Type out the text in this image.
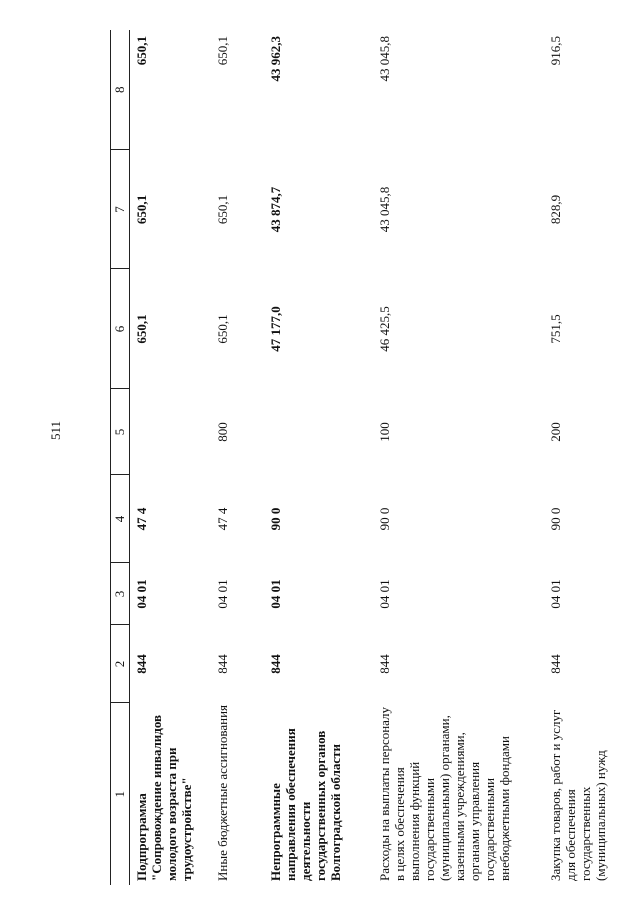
511
1	2	3	4	5	6	7	8
Подпрограмма "Сопровождение инвалидов молодого возраста при трудоустройстве"	844	04 01	47 4		650,1	650,1	650,1
Иные бюджетные ассигнования	844	04 01	47 4	800	650,1	650,1	650,1
Непрограммные направления обеспечения деятельности государственных органов Волгоградской области	844	04 01	90 0		47 177,0	43 874,7	43 962,3
Расходы на выплаты персоналу в целях обеспечения выполнения функций государственными (муниципальными) органами, казенными учреждениями, органами управления государственными внебюджетными фондами	844	04 01	90 0	100	46 425,5	43 045,8	43 045,8
Закупка товаров, работ и услуг для обеспечения государственных (муниципальных) нужд	844	04 01	90 0	200	751,5	828,9	916,5
